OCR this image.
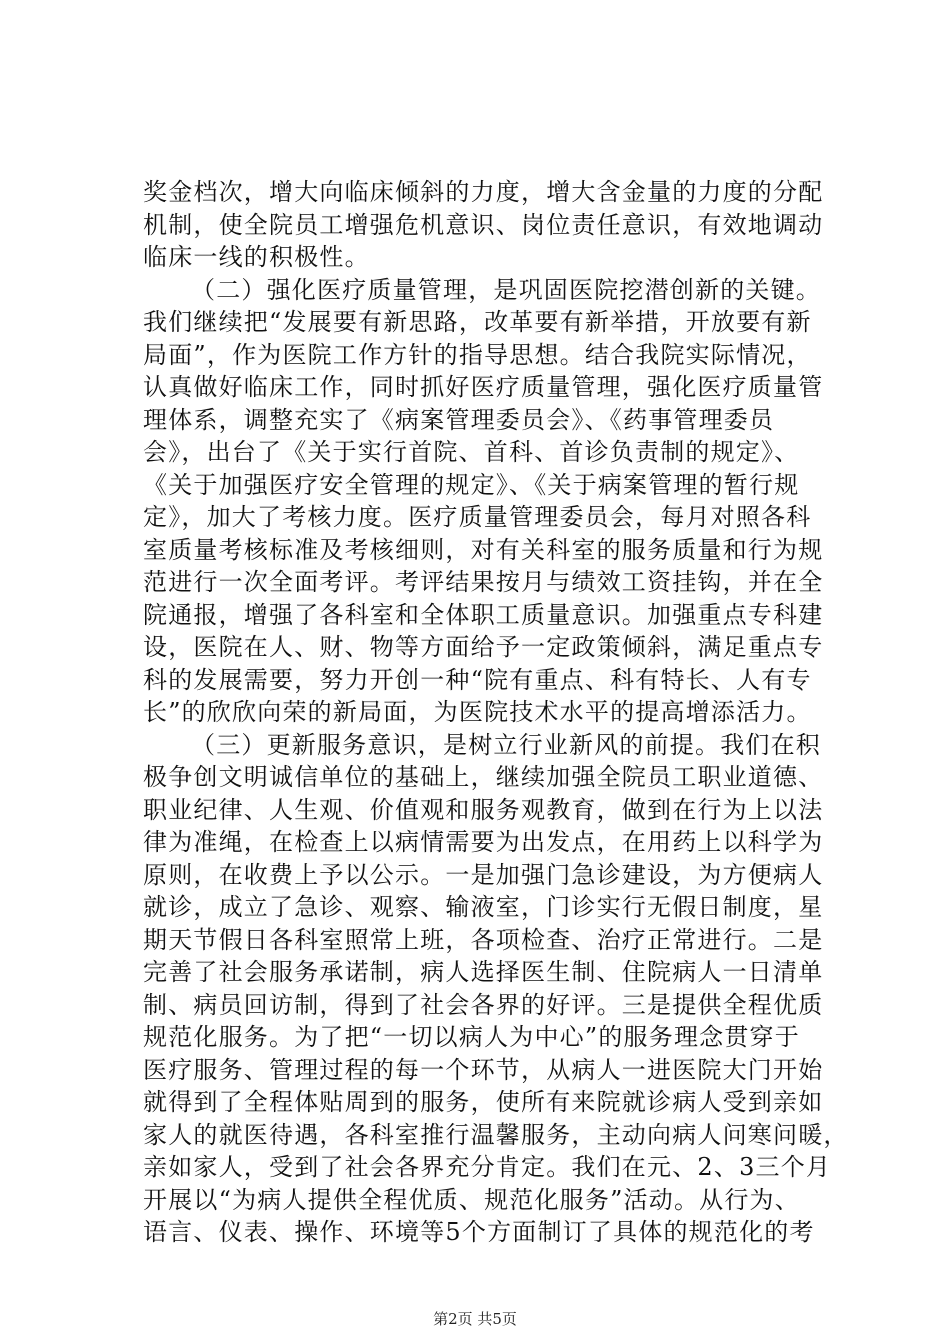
奖金档次，增大向临床倾斜的力度，增大含金量的力度的分配
机制，使全院员工增强危机意识、岗位责任意识，有效地调动
临床一线的积极性。
（二）强化医疗质量管理，是巩固医院挖潜创新的关键。
我们继续把“发展要有新思路，改革要有新举措，开放要有新
局面”，作为医院工作方针的指导思想。结合我院实际情况，
认真做好临床工作，同时抓好医疗质量管理，强化医疗质量管
理体系，调整充实了《病案管理委员会》、《药事管理委员
会》，出台了《关于实行首院、首科、首诊负责制的规定》、
《关于加强医疗安全管理的规定》、《关于病案管理的暂行规
定》，加大了考核力度。医疗质量管理委员会，每月对照各科
室质量考核标准及考核细则，对有关科室的服务质量和行为规
范进行一次全面考评。考评结果按月与绩效工资挂钩，并在全
院通报，增强了各科室和全体职工质量意识。加强重点专科建
设，医院在人、财、物等方面给予一定政策倾斜，满足重点专
科的发展需要，努力开创一种“院有重点、科有特长、人有专
长”的欣欣向荣的新局面，为医院技术水平的提高增添活力。
（三）更新服务意识，是树立行业新风的前提。我们在积
极争创文明诚信单位的基础上，继续加强全院员工职业道德、
职业纪律、人生观、价值观和服务观教育，做到在行为上以法
律为准绳，在检查上以病情需要为出发点，在用药上以科学为
原则，在收费上予以公示。一是加强门急诊建设，为方便病人
就诊，成立了急诊、观察、输液室，门诊实行无假日制度，星
期天节假日各科室照常上班，各项检查、治疗正常进行。二是
完善了社会服务承诺制，病人选择医生制、住院病人一日清单
制、病员回访制，得到了社会各界的好评。三是提供全程优质
规范化服务。为了把“一切以病人为中心”的服务理念贯穿于
医疗服务、管理过程的每一个环节，从病人一进医院大门开始
就得到了全程体贴周到的服务，使所有来院就诊病人受到亲如
家人的就医待遇，各科室推行温馨服务，主动向病人问寒问暖，
亲如家人，受到了社会各界充分肯定。我们在元、2、3三个月
开展以“为病人提供全程优质、规范化服务”活动。从行为、
语言、仪表、操作、环境等5个方面制订了具体的规范化的考
第2页 共5页
